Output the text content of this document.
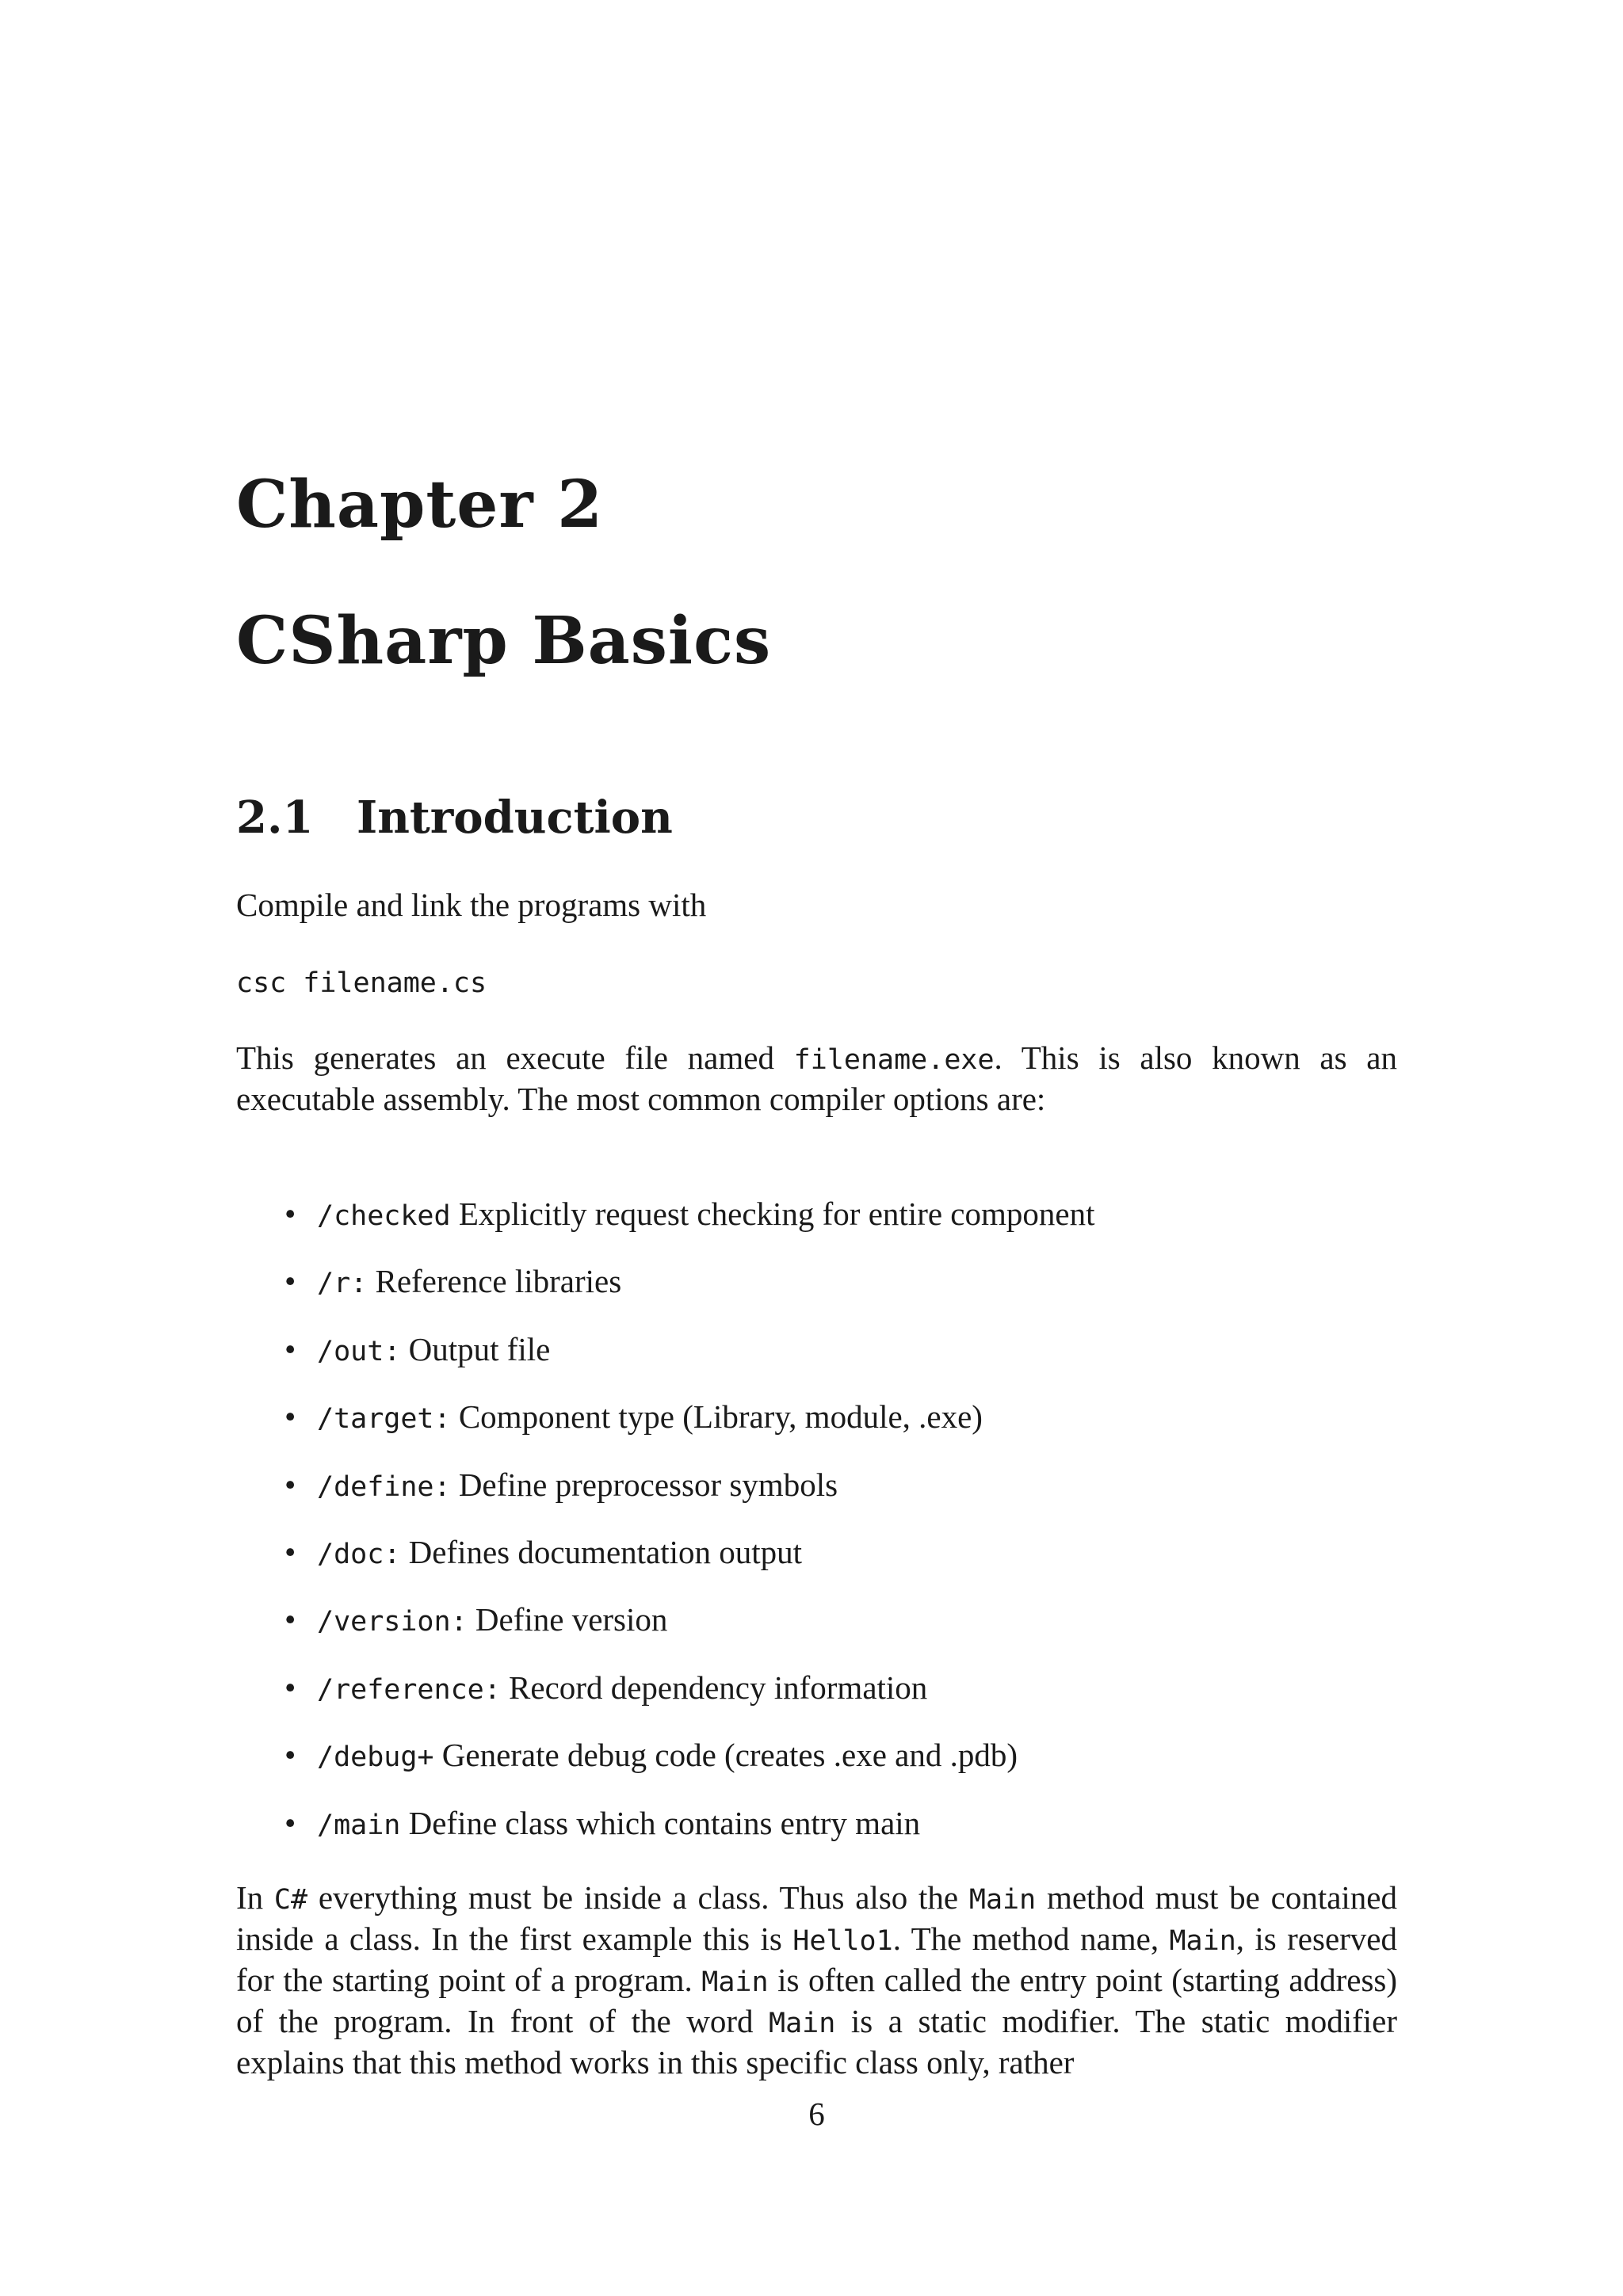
Chapter 2
CSharp Basics
2.1 Introduction

Compile and link the programs with

csc filename.cs

This generates an execute file named filename.exe. This is also known as an executable assembly. The most common compiler options are:

• /checked Explicitly request checking for entire component
• /r: Reference libraries
• /out: Output file
• /target: Component type (Library, module, .exe)
• /define: Define preprocessor symbols
• /doc: Defines documentation output
• /version: Define version
• /reference: Record dependency information
• /debug+ Generate debug code (creates .exe and .pdb)
• /main Define class which contains entry main

In C# everything must be inside a class. Thus also the Main method must be contained inside a class. In the first example this is Hello1. The method name, Main, is reserved for the starting point of a program. Main is often called the entry point (starting address) of the program. In front of the word Main is a static modifier. The static modifier explains that this method works in this specific class only, rather

6
